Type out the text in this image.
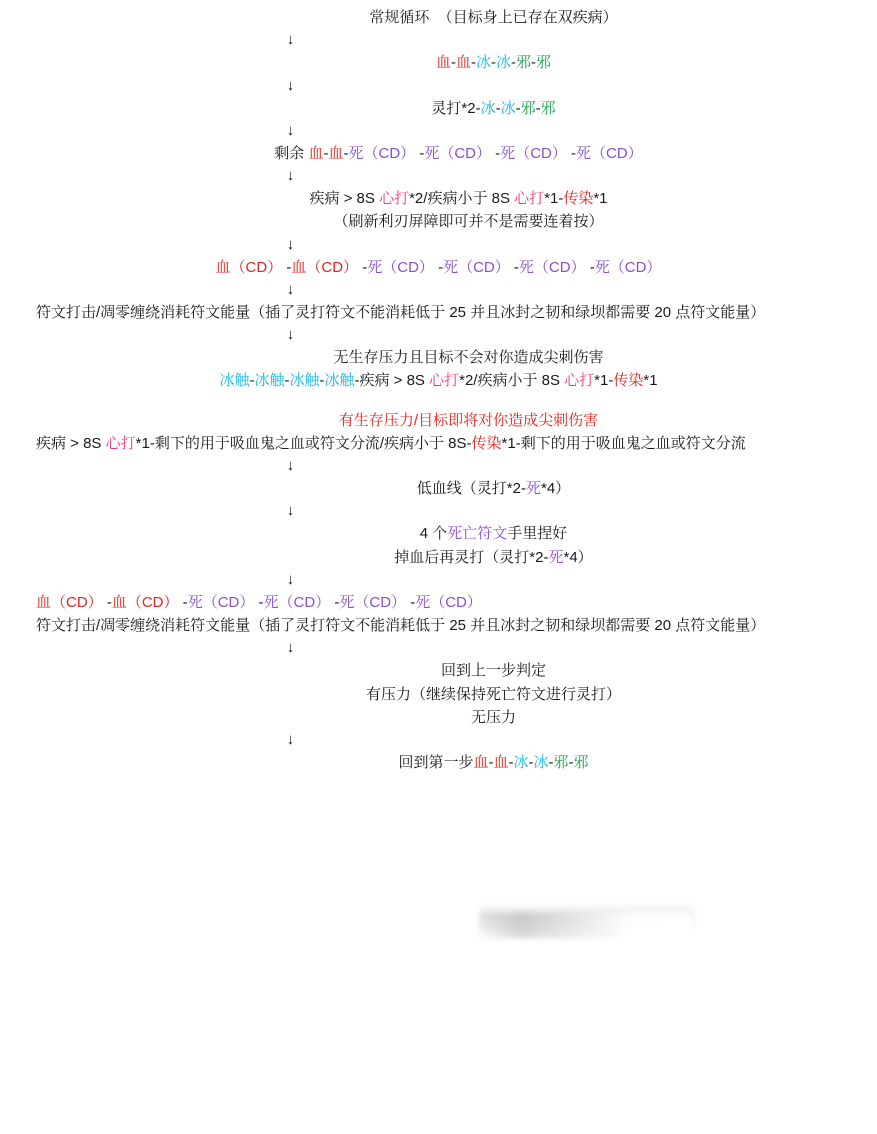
常规循环  （目标身上已存在双疾病）
↓
血-血-冰-冰-邪-邪
↓
灵打*2-冰-冰-邪-邪
↓
剩余 血-血-死（CD） -死（CD） -死（CD） -死（CD）
↓
疾病 > 8S 心打*2/疾病小于 8S 心打*1-传染*1
（刷新利刃屏障即可并不是需要连着按）
↓
血（CD） -血（CD） -死（CD） -死（CD） -死（CD） -死（CD）
↓
符文打击/凋零缠绕消耗符文能量（插了灵打符文不能消耗低于 25 并且冰封之韧和绿坝都需要 20 点符文能量）
↓
无生存压力且目标不会对你造成尖刺伤害
冰触-冰触-冰触-冰触-疾病 > 8S 心打*2/疾病小于 8S 心打*1-传染*1
有生存压力/目标即将对你造成尖刺伤害
疾病 > 8S 心打*1-剩下的用于吸血鬼之血或符文分流/疾病小于 8S-传染*1-剩下的用于吸血鬼之血或符文分流
↓
低血线（灵打*2-死*4）
↓
4 个死亡符文手里捏好
掉血后再灵打（灵打*2-死*4）
↓
血（CD） -血（CD） -死（CD） -死（CD） -死（CD） -死（CD）
符文打击/凋零缠绕消耗符文能量（插了灵打符文不能消耗低于 25 并且冰封之韧和绿坝都需要 20 点符文能量）
↓
回到上一步判定
有压力（继续保持死亡符文进行灵打）
无压力
↓
回到第一步血-血-冰-冰-邪-邪
